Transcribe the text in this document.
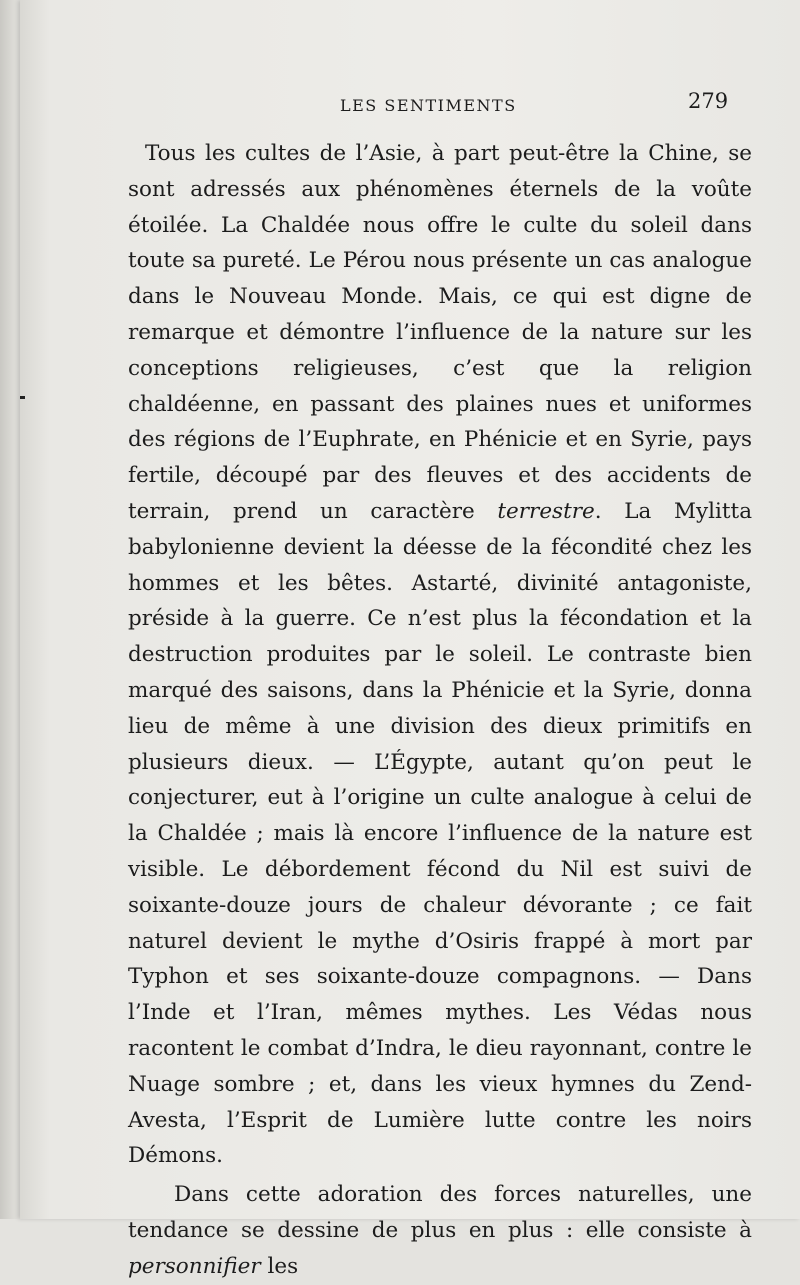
LES SENTIMENTS	279

Tous les cultes de l’Asie, à part peut-être la Chine, se sont adressés aux phénomènes éternels de la voûte étoilée. La Chaldée nous offre le culte du soleil dans toute sa pureté. Le Pérou nous présente un cas analogue dans le Nouveau Monde. Mais, ce qui est digne de remarque et démontre l’influence de la nature sur les conceptions religieuses, c’est que la religion chaldéenne, en passant des plaines nues et uniformes des régions de l’Euphrate, en Phénicie et en Syrie, pays fertile, découpé par des fleuves et des accidents de terrain, prend un caractère terrestre. La Mylitta babylonienne devient la déesse de la fécondité chez les hommes et les bêtes. Astarté, divinité antagoniste, préside à la guerre. Ce n’est plus la fécondation et la destruction produites par le soleil. Le contraste bien marqué des saisons, dans la Phénicie et la Syrie, donna lieu de même à une division des dieux primitifs en plusieurs dieux. — L’Égypte, autant qu’on peut le conjecturer, eut à l’origine un culte analogue à celui de la Chaldée ; mais là encore l’influence de la nature est visible. Le débordement fécond du Nil est suivi de soixante-douze jours de chaleur dévorante ; ce fait naturel devient le mythe d’Osiris frappé à mort par Typhon et ses soixante-douze compagnons. — Dans l’Inde et l’Iran, mêmes mythes. Les Védas nous racontent le combat d’Indra, le dieu rayonnant, contre le Nuage sombre ; et, dans les vieux hymnes du Zend-Avesta, l’Esprit de Lumière lutte contre les noirs Démons.

Dans cette adoration des forces naturelles, une tendance se dessine de plus en plus : elle consiste à personnifier les
